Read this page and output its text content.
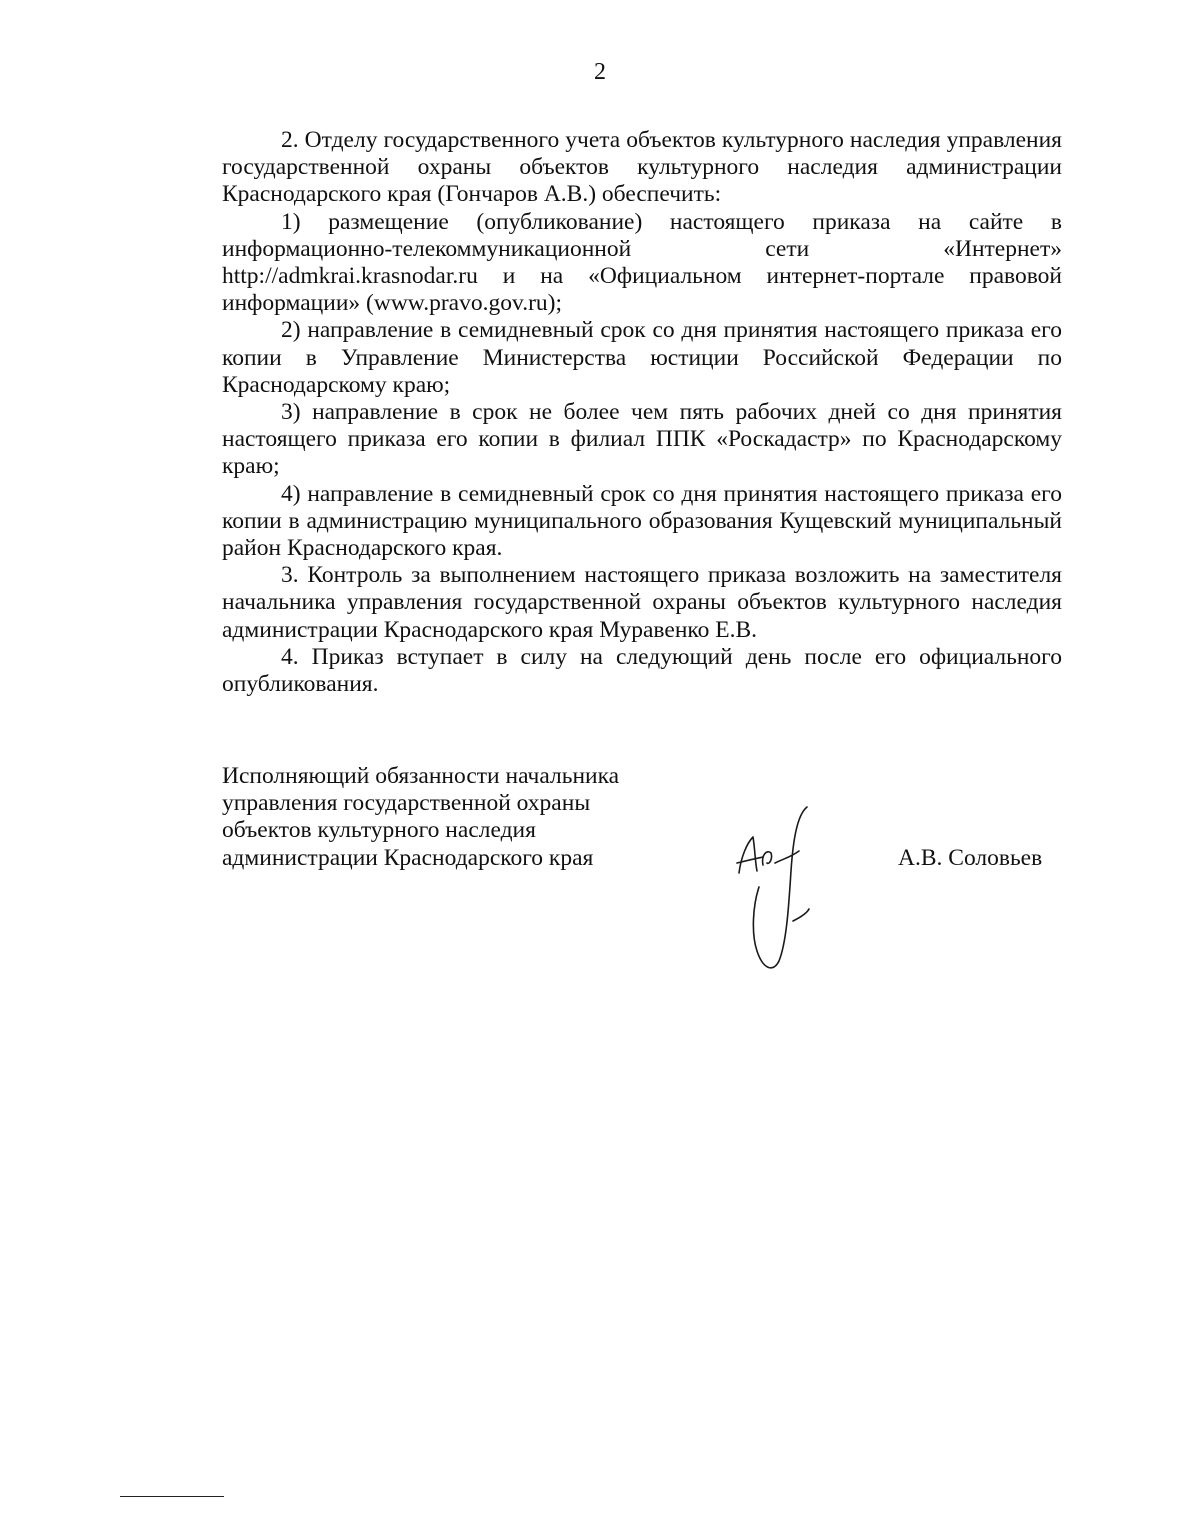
2

2. Отделу государственного учета объектов культурного наследия управления государственной охраны объектов культурного наследия администрации Краснодарского края (Гончаров А.В.) обеспечить:

1) размещение (опубликование) настоящего приказа на сайте в информационно-телекоммуникационной сети «Интернет» http://admkrai.krasnodar.ru и на «Официальном интернет-портале правовой информации» (www.pravo.gov.ru);

2) направление в семидневный срок со дня принятия настоящего приказа его копии в Управление Министерства юстиции Российской Федерации по Краснодарскому краю;

3) направление в срок не более чем пять рабочих дней со дня принятия настоящего приказа его копии в филиал ППК «Роскадастр» по Краснодарскому краю;

4) направление в семидневный срок со дня принятия настоящего приказа его копии в администрацию муниципального образования Кущевский муниципальный район Краснодарского края.

3. Контроль за выполнением настоящего приказа возложить на заместителя начальника управления государственной охраны объектов культурного наследия администрации Краснодарского края Муравенко Е.В.

4. Приказ вступает в силу на следующий день после его официального опубликования.

Исполняющий обязанности начальника
управления государственной охраны
объектов культурного наследия
администрации Краснодарского края	А.В. Соловьев
